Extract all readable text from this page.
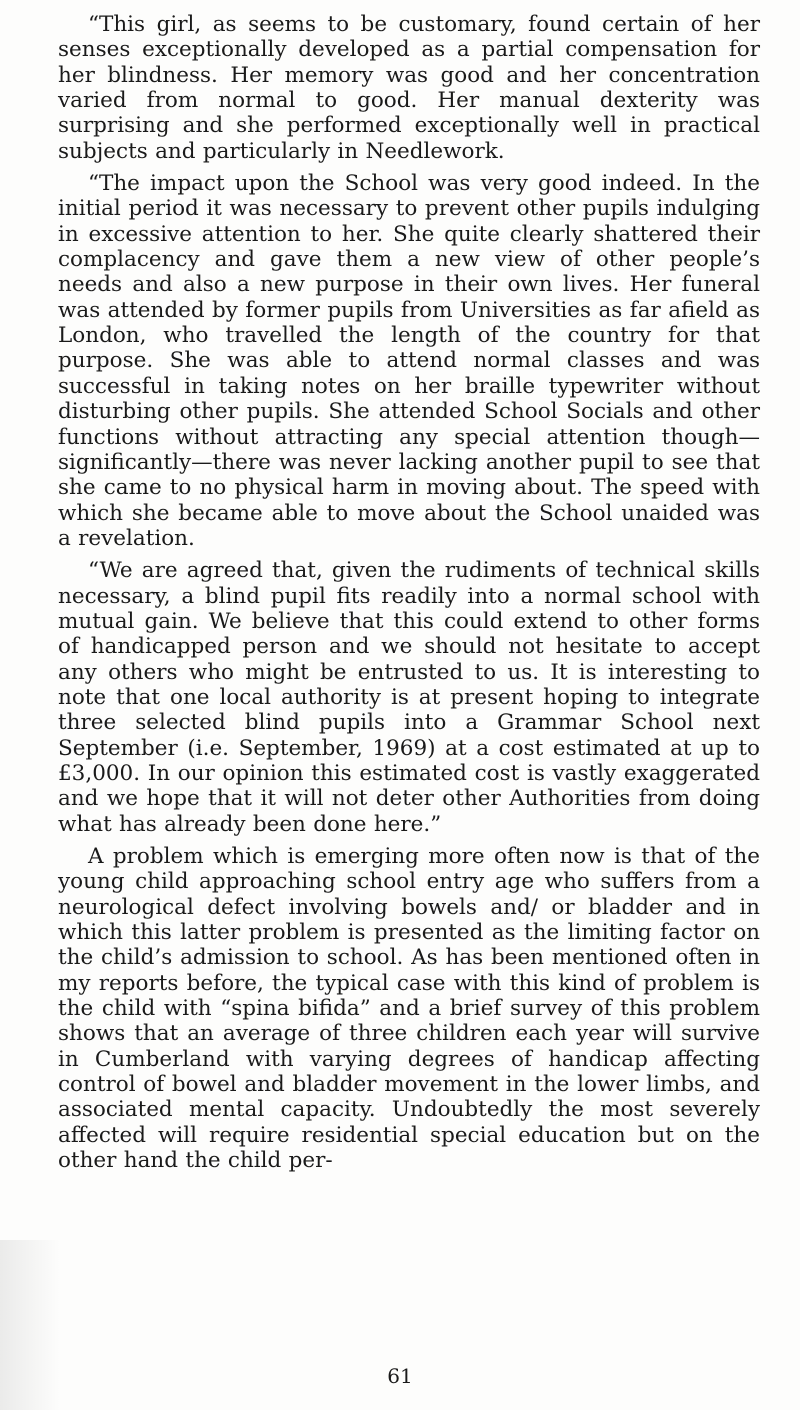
“This girl, as seems to be customary, found certain of her senses exceptionally developed as a partial compensation for her blindness. Her memory was good and her concentration varied from normal to good. Her manual dexterity was surprising and she performed exceptionally well in practical subjects and particularly in Needlework.

“The impact upon the School was very good indeed. In the initial period it was necessary to prevent other pupils indulging in excessive attention to her. She quite clearly shattered their complacency and gave them a new view of other people’s needs and also a new purpose in their own lives. Her funeral was attended by former pupils from Universities as far afield as London, who travelled the length of the country for that purpose. She was able to attend normal classes and was successful in taking notes on her braille typewriter without disturbing other pupils. She attended School Socials and other functions without attracting any special attention though—significantly—there was never lacking another pupil to see that she came to no physical harm in moving about. The speed with which she became able to move about the School unaided was a revelation.

“We are agreed that, given the rudiments of technical skills necessary, a blind pupil fits readily into a normal school with mutual gain. We believe that this could extend to other forms of handicapped person and we should not hesitate to accept any others who might be entrusted to us. It is interesting to note that one local authority is at present hoping to integrate three selected blind pupils into a Grammar School next September (i.e. September, 1969) at a cost estimated at up to £3,000. In our opinion this estimated cost is vastly exaggerated and we hope that it will not deter other Authorities from doing what has already been done here.”

A problem which is emerging more often now is that of the young child approaching school entry age who suffers from a neurological defect involving bowels and/ or bladder and in which this latter problem is presented as the limiting factor on the child’s admission to school. As has been mentioned often in my reports before, the typical case with this kind of problem is the child with “spina bifida” and a brief survey of this problem shows that an average of three children each year will survive in Cumberland with varying degrees of handicap affecting control of bowel and bladder movement in the lower limbs, and associated mental capacity. Undoubtedly the most severely affected will require residential special education but on the other hand the child per-

61
